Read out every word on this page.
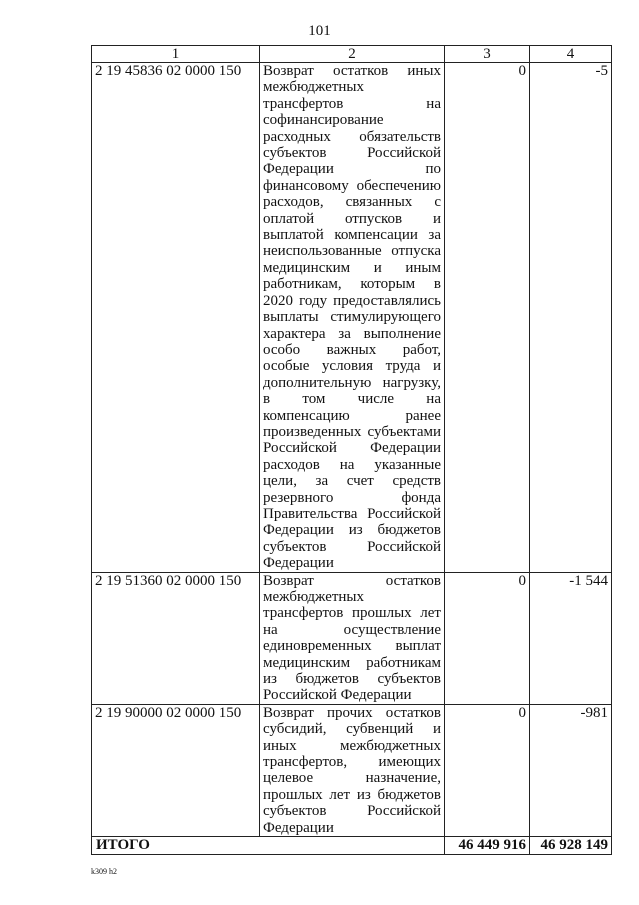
101
1	2	3	4
2 19 45836 02 0000 150	Возврат остатков иных межбюджетных трансфертов на софинансирование расходных обязательств субъектов Российской Федерации по финансовому обеспечению расходов, связанных с оплатой отпусков и выплатой компенсации за неиспользованные отпуска медицинским и иным работникам, которым в 2020 году предоставлялись выплаты стимулирующего характера за выполнение особо важных работ, особые условия труда и дополнительную нагрузку, в том числе на компенсацию ранее произведенных субъектами Российской Федерации расходов на указанные цели, за счет средств резервного фонда Правительства Российской Федерации из бюджетов субъектов Российской Федерации	0	-5
2 19 51360 02 0000 150	Возврат остатков межбюджетных трансфертов прошлых лет на осуществление единовременных выплат медицинским работникам из бюджетов субъектов Российской Федерации	0	-1 544
2 19 90000 02 0000 150	Возврат прочих остатков субсидий, субвенций и иных межбюджетных трансфертов, имеющих целевое назначение, прошлых лет из бюджетов субъектов Российской Федерации	0	-981
ИТОГО		46 449 916	46 928 149
k309 h2
